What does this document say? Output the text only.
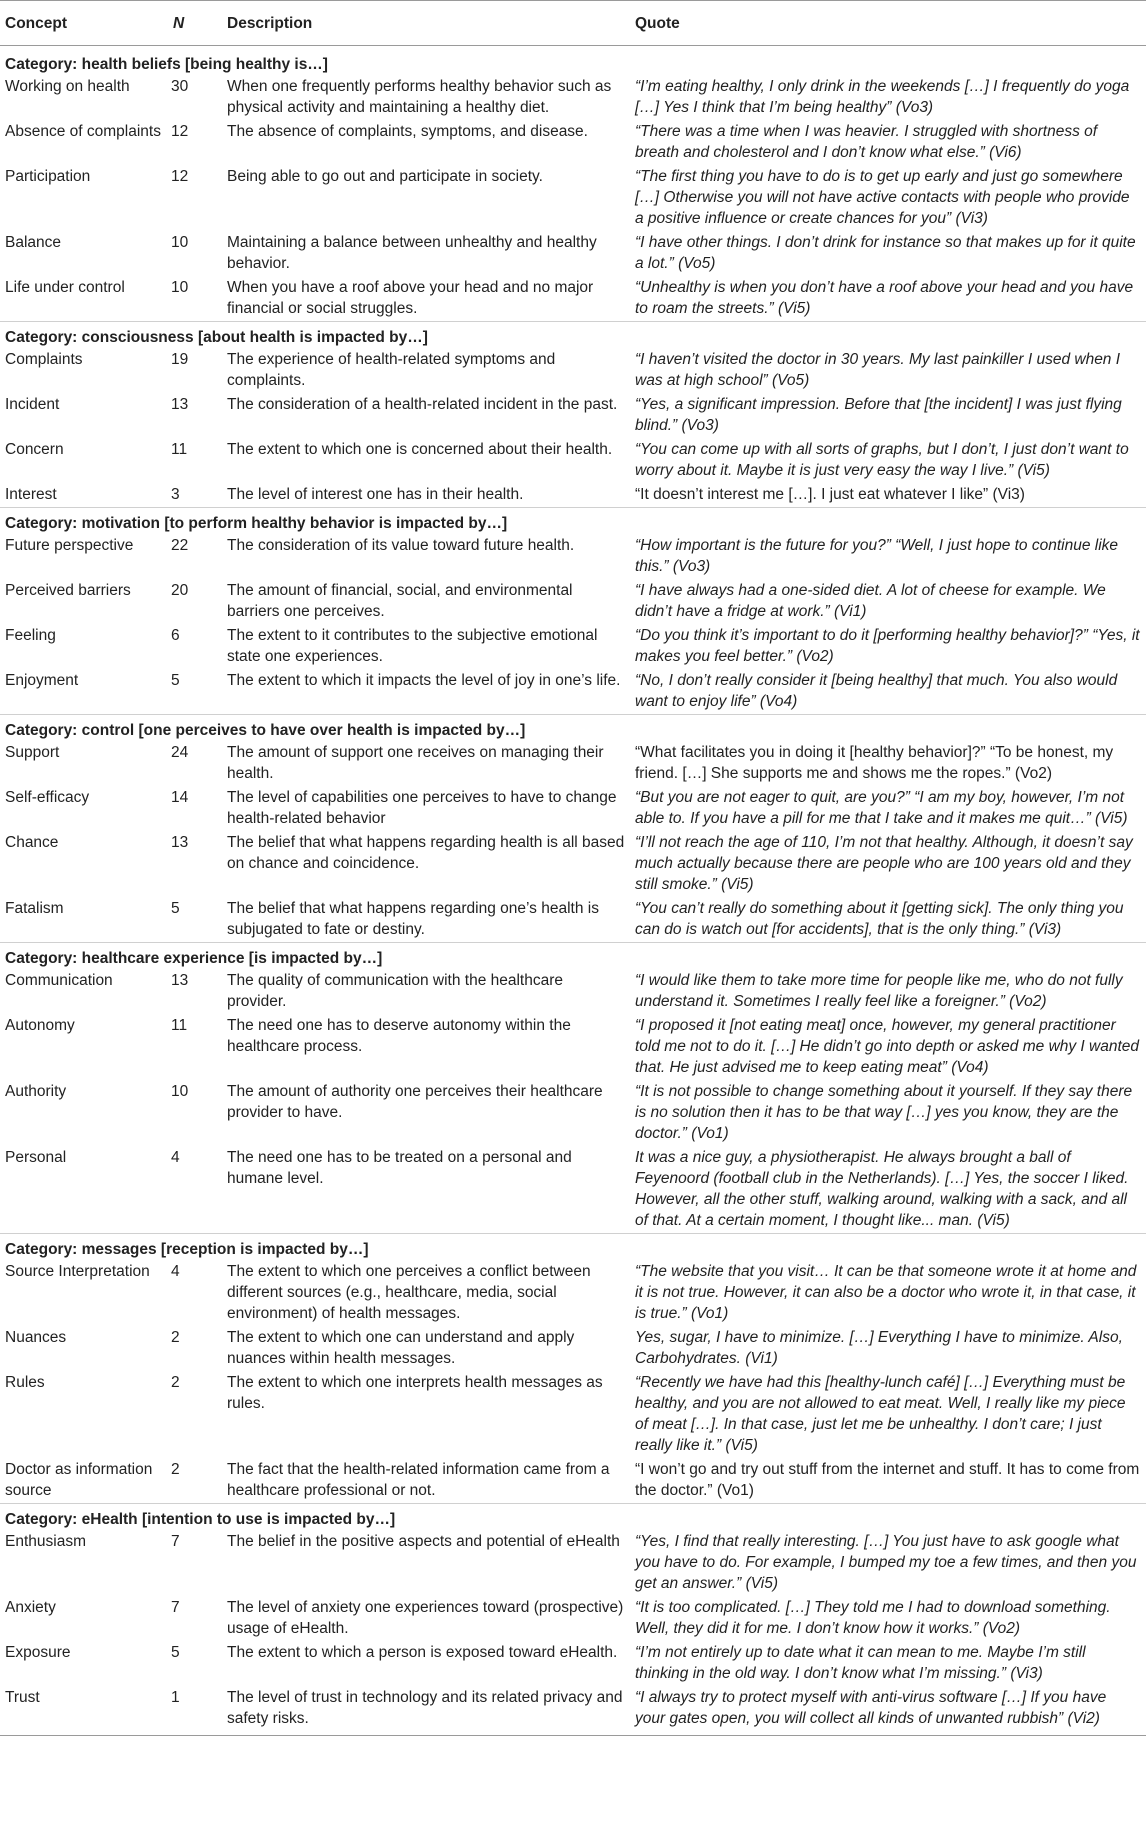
Concept	N	Description	Quote
Category: health beliefs [being healthy is…]			
Working on health	30	When one frequently performs healthy behavior such as physical activity and maintaining a healthy diet.	“I’m eating healthy, I only drink in the weekends […] I frequently do yoga […] Yes I think that I’m being healthy” (Vo3)
Absence of complaints	12	The absence of complaints, symptoms, and disease.	“There was a time when I was heavier. I struggled with shortness of breath and cholesterol and I don’t know what else.” (Vi6)
Participation	12	Being able to go out and participate in society.	“The first thing you have to do is to get up early and just go somewhere […] Otherwise you will not have active contacts with people who provide a positive influence or create chances for you” (Vi3)
Balance	10	Maintaining a balance between unhealthy and healthy behavior.	“I have other things. I don’t drink for instance so that makes up for it quite a lot.” (Vo5)
Life under control	10	When you have a roof above your head and no major financial or social struggles.	“Unhealthy is when you don’t have a roof above your head and you have to roam the streets.” (Vi5)
Category: consciousness [about health is impacted by…]			
Complaints	19	The experience of health-related symptoms and complaints.	“I haven’t visited the doctor in 30 years. My last painkiller I used when I was at high school” (Vo5)
Incident	13	The consideration of a health-related incident in the past.	“Yes, a significant impression. Before that [the incident] I was just flying blind.” (Vo3)
Concern	11	The extent to which one is concerned about their health.	“You can come up with all sorts of graphs, but I don’t, I just don’t want to worry about it. Maybe it is just very easy the way I live.” (Vi5)
Interest	3	The level of interest one has in their health.	“It doesn’t interest me […]. I just eat whatever I like” (Vi3)
Category: motivation [to perform healthy behavior is impacted by…]			
Future perspective	22	The consideration of its value toward future health.	“How important is the future for you?” “Well, I just hope to continue like this.” (Vo3)
Perceived barriers	20	The amount of financial, social, and environmental barriers one perceives.	“I have always had a one-sided diet. A lot of cheese for example. We didn’t have a fridge at work.” (Vi1)
Feeling	6	The extent to it contributes to the subjective emotional state one experiences.	“Do you think it’s important to do it [performing healthy behavior]?” “Yes, it makes you feel better.” (Vo2)
Enjoyment	5	The extent to which it impacts the level of joy in one’s life.	“No, I don’t really consider it [being healthy] that much. You also would want to enjoy life” (Vo4)
Category: control [one perceives to have over health is impacted by…]			
Support	24	The amount of support one receives on managing their health.	“What facilitates you in doing it [healthy behavior]?” “To be honest, my friend. […] She supports me and shows me the ropes.” (Vo2)
Self-efficacy	14	The level of capabilities one perceives to have to change health-related behavior	“But you are not eager to quit, are you?” “I am my boy, however, I’m not able to. If you have a pill for me that I take and it makes me quit…” (Vi5)
Chance	13	The belief that what happens regarding health is all based on chance and coincidence.	“I’ll not reach the age of 110, I’m not that healthy. Although, it doesn’t say much actually because there are people who are 100 years old and they still smoke.” (Vi5)
Fatalism	5	The belief that what happens regarding one’s health is subjugated to fate or destiny.	“You can’t really do something about it [getting sick]. The only thing you can do is watch out [for accidents], that is the only thing.” (Vi3)
Category: healthcare experience [is impacted by…]			
Communication	13	The quality of communication with the healthcare provider.	“I would like them to take more time for people like me, who do not fully understand it. Sometimes I really feel like a foreigner.” (Vo2)
Autonomy	11	The need one has to deserve autonomy within the healthcare process.	“I proposed it [not eating meat] once, however, my general practitioner told me not to do it. […] He didn’t go into depth or asked me why I wanted that. He just advised me to keep eating meat” (Vo4)
Authority	10	The amount of authority one perceives their healthcare provider to have.	“It is not possible to change something about it yourself. If they say there is no solution then it has to be that way […] yes you know, they are the doctor.” (Vo1)
Personal	4	The need one has to be treated on a personal and humane level.	It was a nice guy, a physiotherapist. He always brought a ball of Feyenoord (football club in the Netherlands). […] Yes, the soccer I liked. However, all the other stuff, walking around, walking with a sack, and all of that. At a certain moment, I thought like... man. (Vi5)
Category: messages [reception is impacted by…]			
Source Interpretation	4	The extent to which one perceives a conflict between different sources (e.g., healthcare, media, social environment) of health messages.	“The website that you visit… It can be that someone wrote it at home and it is not true. However, it can also be a doctor who wrote it, in that case, it is true.” (Vo1)
Nuances	2	The extent to which one can understand and apply nuances within health messages.	Yes, sugar, I have to minimize. […] Everything I have to minimize. Also, Carbohydrates. (Vi1)
Rules	2	The extent to which one interprets health messages as rules.	“Recently we have had this [healthy-lunch café] […] Everything must be healthy, and you are not allowed to eat meat. Well, I really like my piece of meat […]. In that case, just let me be unhealthy. I don’t care; I just really like it.” (Vi5)
Doctor as information source	2	The fact that the health-related information came from a healthcare professional or not.	“I won’t go and try out stuff from the internet and stuff. It has to come from the doctor.” (Vo1)
Category: eHealth [intention to use is impacted by…]			
Enthusiasm	7	The belief in the positive aspects and potential of eHealth	“Yes, I find that really interesting. […] You just have to ask google what you have to do. For example, I bumped my toe a few times, and then you get an answer.” (Vi5)
Anxiety	7	The level of anxiety one experiences toward (prospective) usage of eHealth.	“It is too complicated. […] They told me I had to download something. Well, they did it for me. I don’t know how it works.” (Vo2)
Exposure	5	The extent to which a person is exposed toward eHealth.	“I’m not entirely up to date what it can mean to me. Maybe I’m still thinking in the old way. I don’t know what I’m missing.” (Vi3)
Trust	1	The level of trust in technology and its related privacy and safety risks.	“I always try to protect myself with anti-virus software […] If you have your gates open, you will collect all kinds of unwanted rubbish” (Vi2)
